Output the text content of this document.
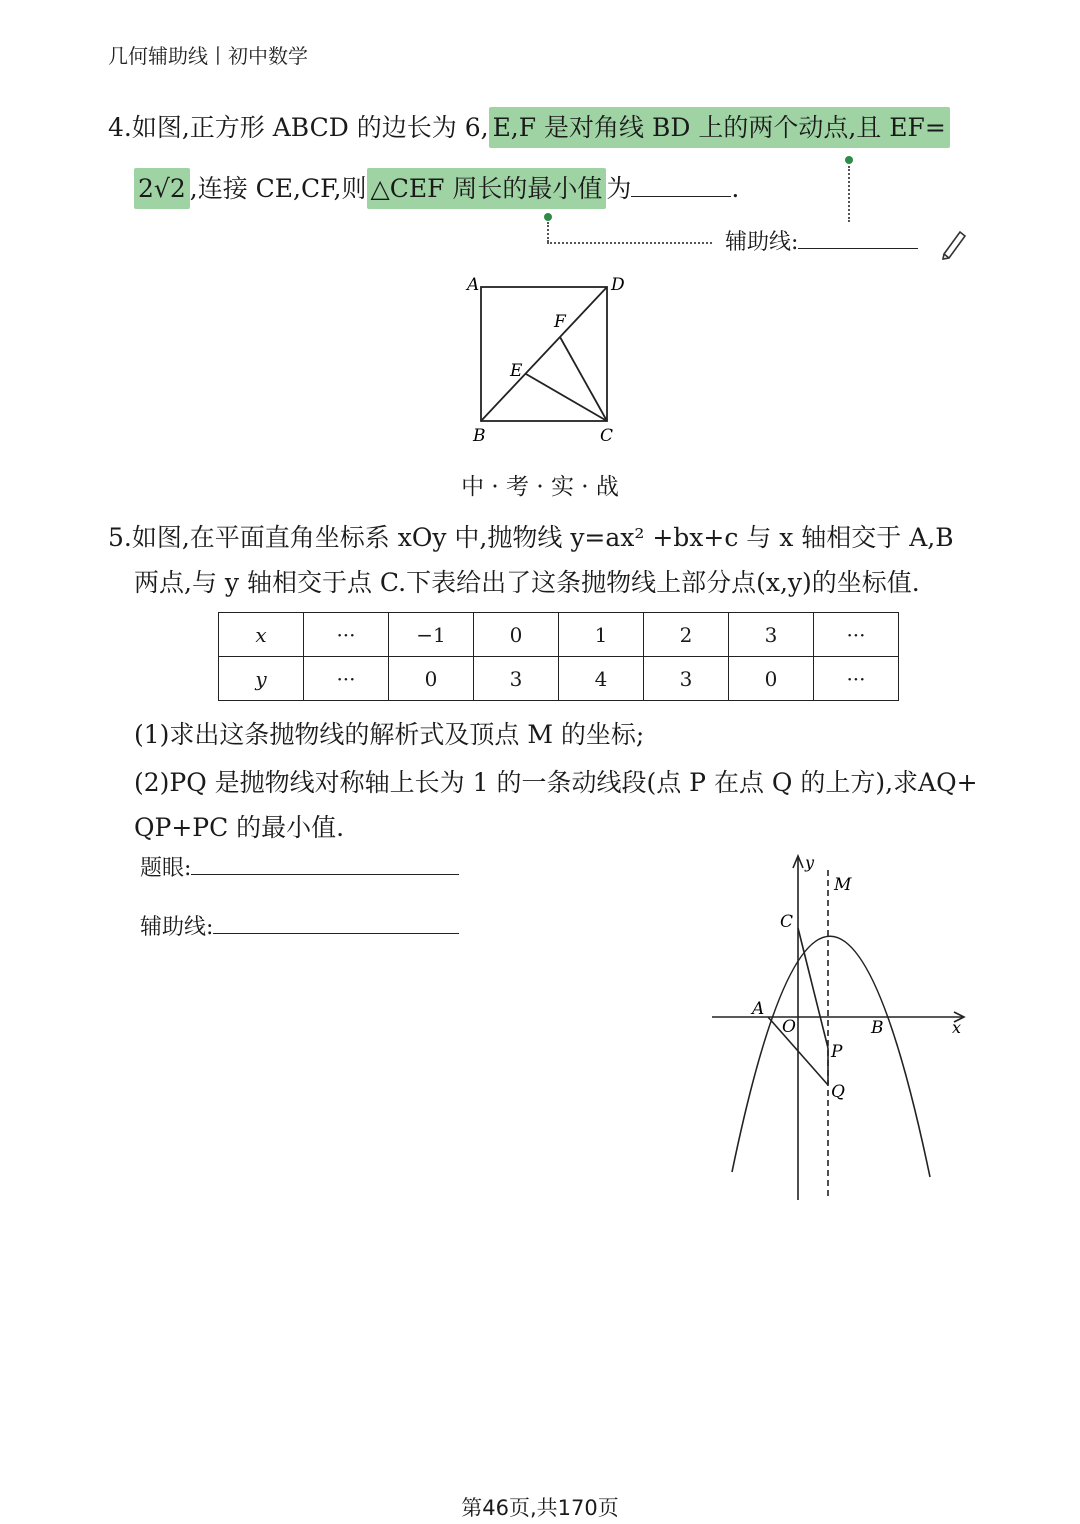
几何辅助线丨初中数学
4.如图,正方形 ABCD 的边长为 6, E,F 是对角线 BD 上的两个动点,且 EF=
2√2 ,连接 CE,CF,则 △CEF 周长的最小值 为	.
辅助线:
A	D
B	C
F
E
中 · 考 · 实 · 战
5.如图,在平面直角坐标系 xOy 中,抛物线 y=ax² +bx+c 与 x 轴相交于 A,B
两点,与 y 轴相交于点 C.下表给出了这条抛物线上部分点(x,y)的坐标值.
x	···	−1	0	1	2	3	···
y	···	0	3	4	3	0	···
(1)求出这条抛物线的解析式及顶点 M 的坐标;
(2)PQ 是抛物线对称轴上长为 1 的一条动线段(点 P 在点 Q 的上方),求AQ+
QP+PC 的最小值.
题眼:
辅助线:
y
x
M
C
A
O	B
P
Q
第46页,共170页
